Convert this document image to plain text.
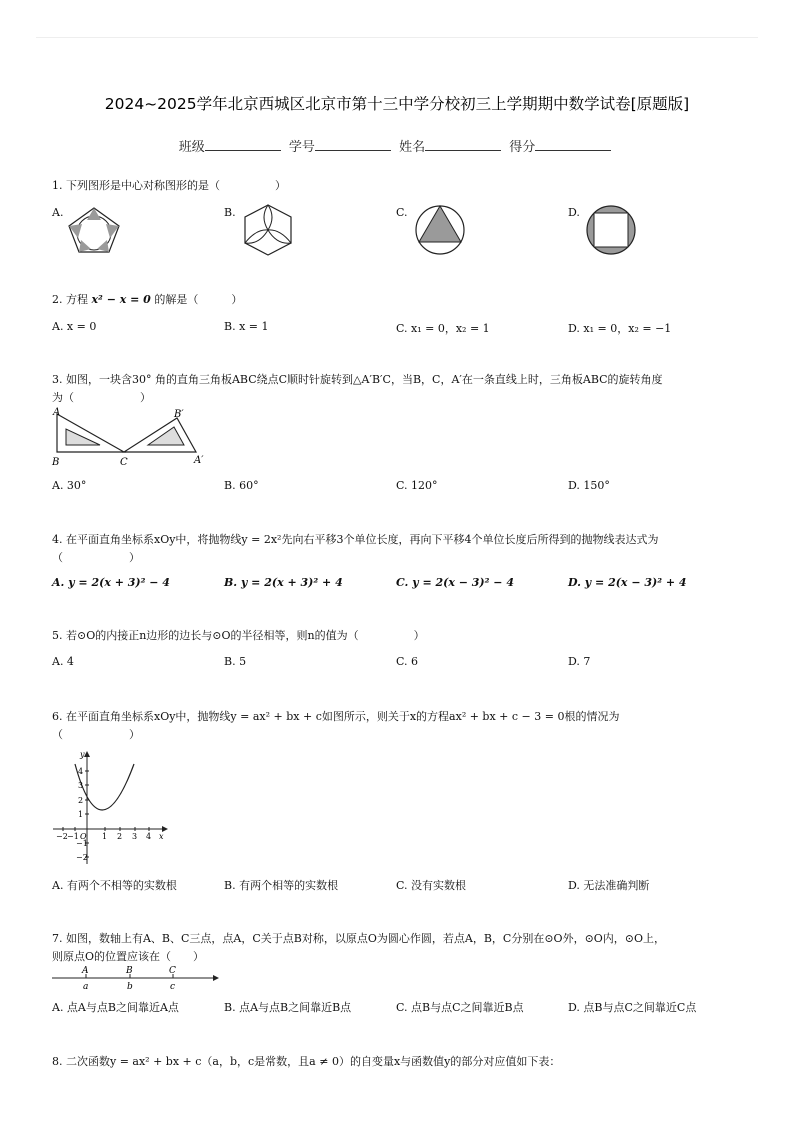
2024~2025学年北京西城区北京市第十三中学分校初三上学期期中数学试卷[原题版]
班级	学号	姓名	得分
1. 下列图形是中心对称图形的是（　　　　　）
A.	B.	C.	D.
2. 方程 x² − x = 0 的解是（　　　）
A. x = 0	B. x = 1	C. x₁ = 0，x₂ = 1	D. x₁ = 0，x₂ = −1
3. 如图，一块含30° 角的直角三角板ABC绕点C顺时针旋转到△A′B′C，当B，C，A′在一条直线上时，三角板ABC的旋转角度
为（　　　　　　）
A
B	C
B′
A′
A. 30°	B. 60°	C. 120°	D. 150°
4. 在平面直角坐标系xOy中，将抛物线y = 2x²先向右平移3个单位长度，再向下平移4个单位长度后所得到的抛物线表达式为
（　　　　　　）
A. y = 2(x + 3)² − 4	B. y = 2(x + 3)² + 4	C. y = 2(x − 3)² − 4	D. y = 2(x − 3)² + 4
5. 若⊙O的内接正n边形的边长与⊙O的半径相等，则n的值为（　　　　　）
A. 4	B. 5	C. 6	D. 7
6. 在平面直角坐标系xOy中，抛物线y = ax² + bx + c如图所示，则关于x的方程ax² + bx + c − 3 = 0根的情况为
（　　　　　　）
−2 −1 O 1 2 3 4
4
3
2
1
−1
−2
x
y
A. 有两个不相等的实数根	B. 有两个相等的实数根	C. 没有实数根	D. 无法准确判断
7. 如图，数轴上有A、B、C三点，点A，C关于点B对称，以原点O为圆心作圆，若点A，B，C分别在⊙O外，⊙O内，⊙O上，
则原点O的位置应该在（　　）
A	B	C
a	b	c
A. 点A与点B之间靠近A点	B. 点A与点B之间靠近B点	C. 点B与点C之间靠近B点	D. 点B与点C之间靠近C点
8. 二次函数y = ax² + bx + c（a，b，c是常数，且a ≠ 0）的自变量x与函数值y的部分对应值如下表：
